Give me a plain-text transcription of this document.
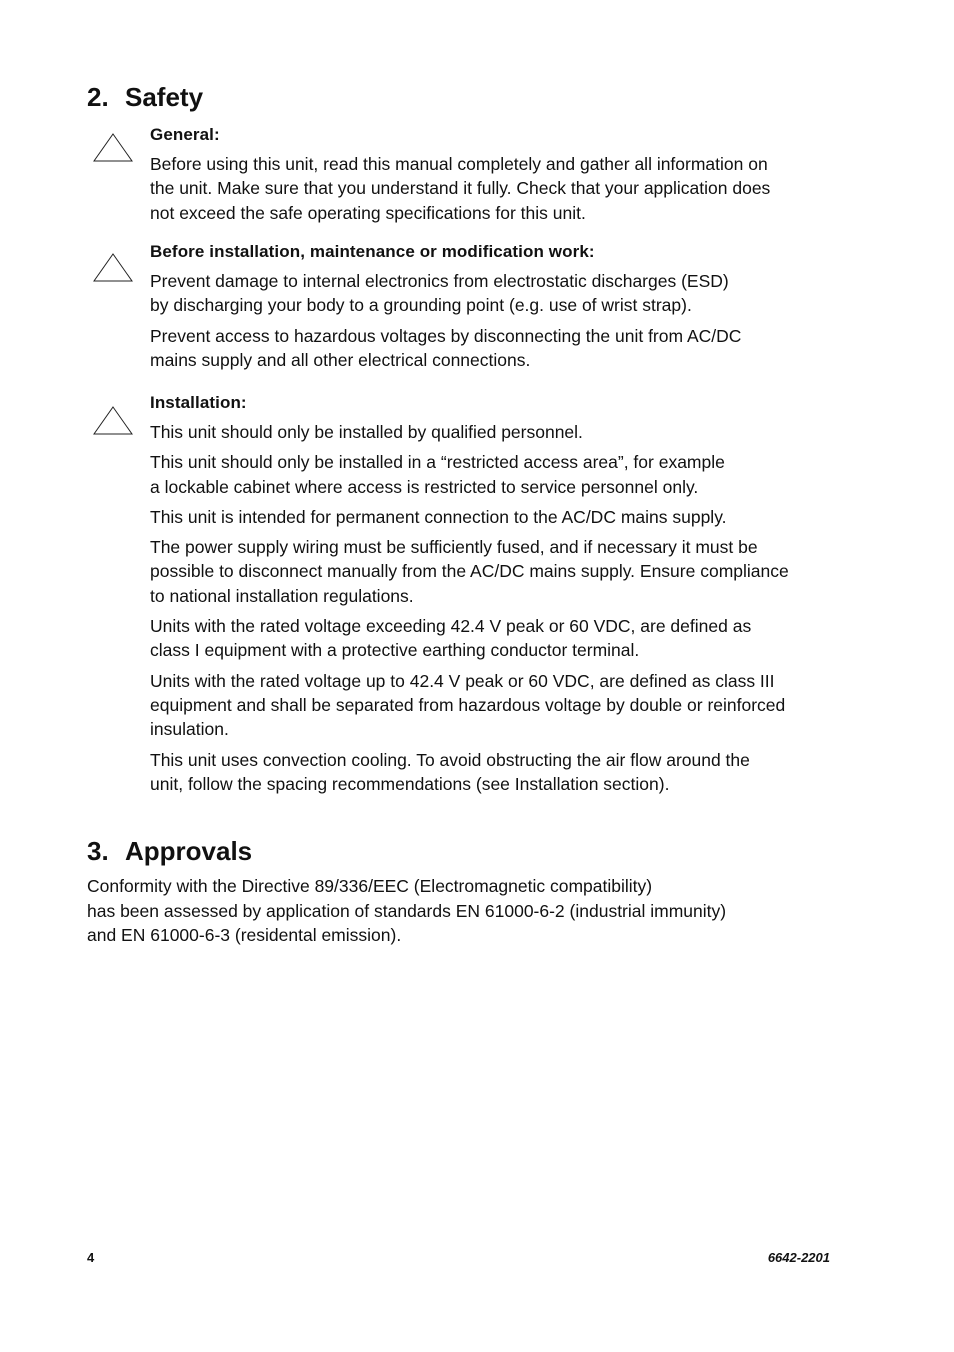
2. Safety

General:

Before using this unit, read this manual completely and gather all information on
the unit. Make sure that you understand it fully. Check that your application does
not exceed the safe operating specifications for this unit.

Before installation, maintenance or modification work:

Prevent damage to internal electronics from electrostatic discharges (ESD)
by discharging your body to a grounding point (e.g. use of wrist strap).

Prevent access to hazardous voltages by disconnecting the unit from AC/DC
mains supply and all other electrical connections.

Installation:

This unit should only be installed by qualified personnel.

This unit should only be installed in a “restricted access area”, for example
a lockable cabinet where access is restricted to service personnel only.

This unit is intended for permanent connection to the AC/DC mains supply.

The power supply wiring must be sufficiently fused, and if necessary it must be
possible to disconnect manually from the AC/DC mains supply. Ensure compliance
to national installation regulations.

Units with the rated voltage exceeding 42.4 V peak or 60 VDC, are defined as
class I equipment with a protective earthing conductor terminal.

Units with the rated voltage up to 42.4 V peak or 60 VDC, are defined as class III
equipment and shall be separated from hazardous voltage by double or reinforced
insulation.

This unit uses convection cooling. To avoid obstructing the air flow around the
unit, follow the spacing recommendations (see Installation section).

3. Approvals

Conformity with the Directive 89/336/EEC (Electromagnetic compatibility)
has been assessed by application of standards EN 61000-6-2 (industrial immunity)
and EN 61000-6-3 (residental emission).

4	6642-2201
